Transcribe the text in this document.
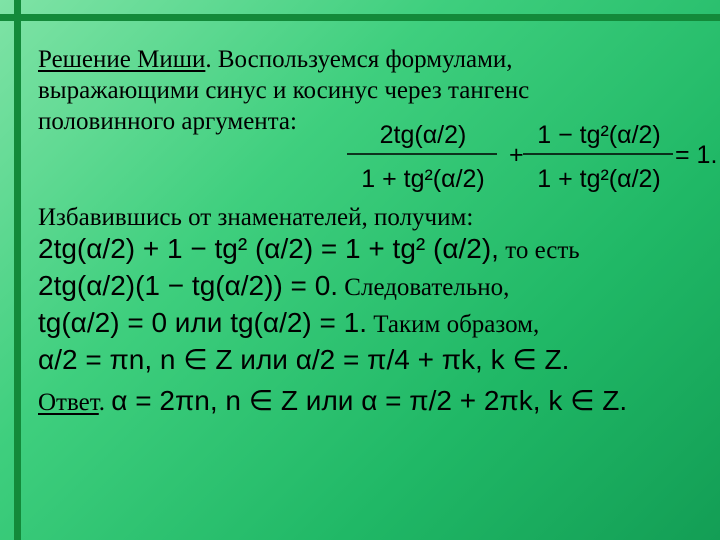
Решение Миши. Воспользуемся формулами,
выражающими синус и косинус через тангенс
половинного аргумента:	2tg(α/2)
1 + tg²(α/2)
+
1 − tg²(α/2)
1 + tg²(α/2)
= 1.
Избавившись от знаменателей, получим:
2tg(α/2) + 1 − tg² (α/2) = 1 + tg² (α/2), то есть
2tg(α/2)(1 − tg(α/2)) = 0. Следовательно,
tg(α/2) = 0 или tg(α/2) = 1. Таким образом,
α/2 = πn, n ∈ Z или α/2 = π/4 + πk, k ∈ Z.
Ответ. α = 2πn, n ∈ Z или α = π/2 + 2πk, k ∈ Z.
